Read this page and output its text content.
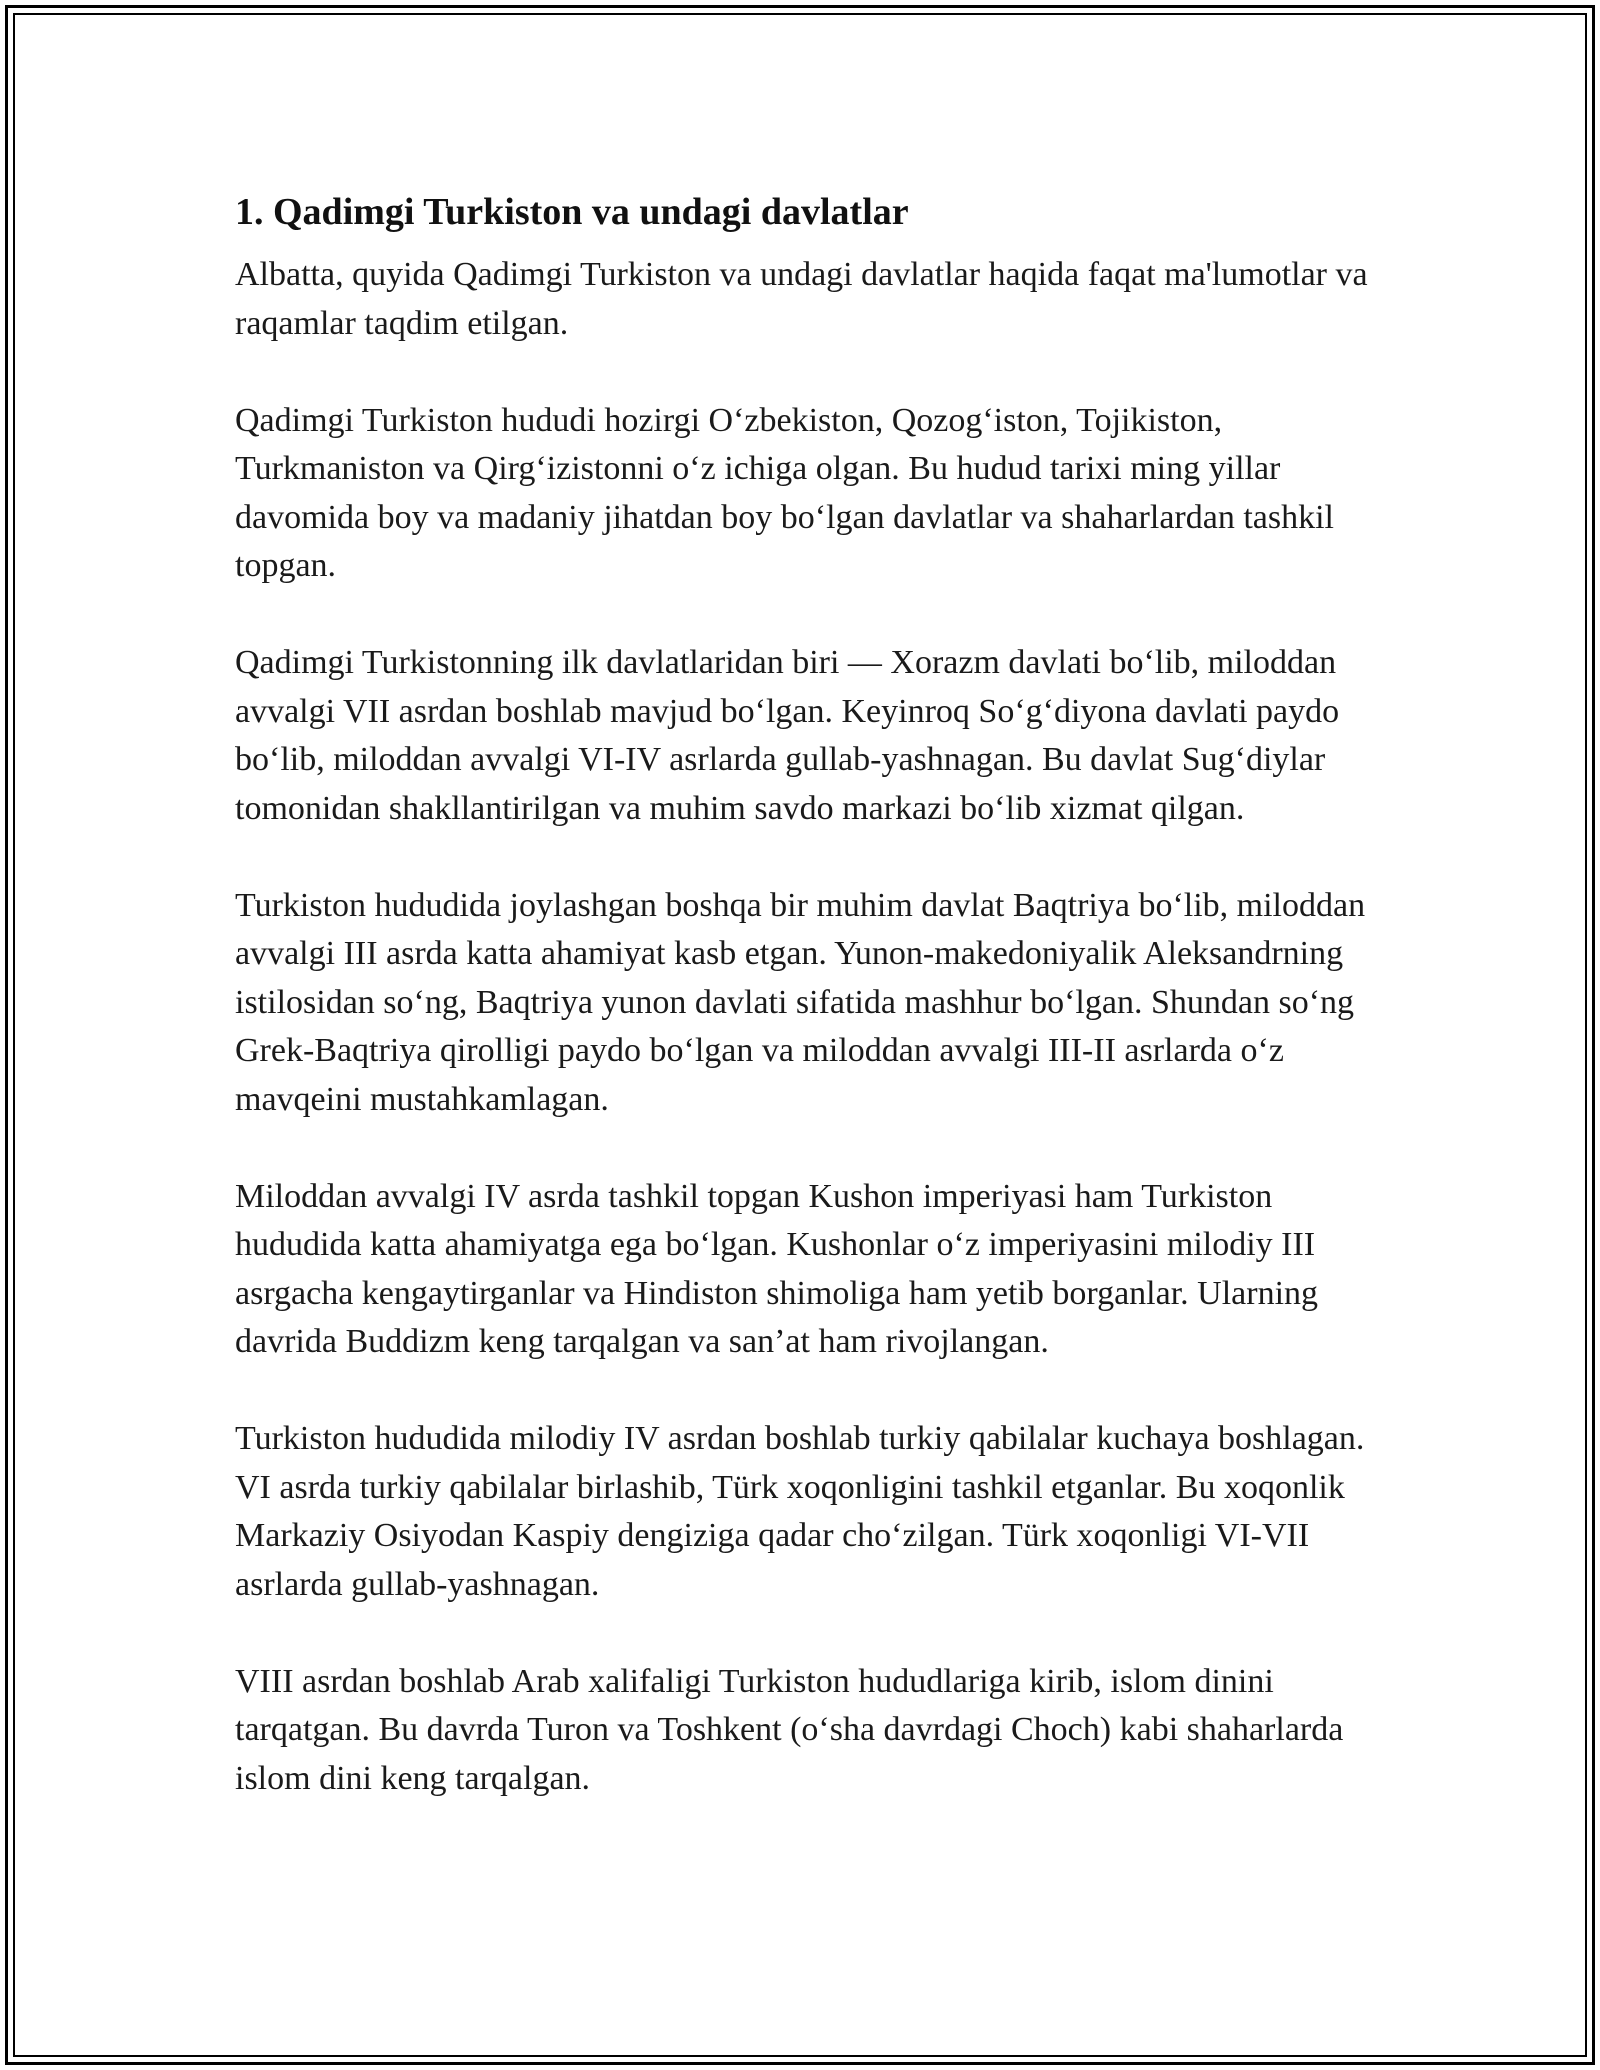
1. Qadimgi Turkiston va undagi davlatlar

Albatta, quyida Qadimgi Turkiston va undagi davlatlar haqida faqat ma'lumotlar va raqamlar taqdim etilgan.

Qadimgi Turkiston hududi hozirgi O‘zbekiston, Qozog‘iston, Tojikiston, Turkmaniston va Qirg‘izistonni o‘z ichiga olgan. Bu hudud tarixi ming yillar davomida boy va madaniy jihatdan boy bo‘lgan davlatlar va shaharlardan tashkil topgan.

Qadimgi Turkistonning ilk davlatlaridan biri — Xorazm davlati bo‘lib, miloddan avvalgi VII asrdan boshlab mavjud bo‘lgan. Keyinroq So‘g‘diyona davlati paydo bo‘lib, miloddan avvalgi VI-IV asrlarda gullab-yashnagan. Bu davlat Sug‘diylar tomonidan shakllantirilgan va muhim savdo markazi bo‘lib xizmat qilgan.

Turkiston hududida joylashgan boshqa bir muhim davlat Baqtriya bo‘lib, miloddan avvalgi III asrda katta ahamiyat kasb etgan. Yunon-makedoniyalik Aleksandrning istilosidan so‘ng, Baqtriya yunon davlati sifatida mashhur bo‘lgan. Shundan so‘ng Grek-Baqtriya qirolligi paydo bo‘lgan va miloddan avvalgi III-II asrlarda o‘z mavqeini mustahkamlagan.

Miloddan avvalgi IV asrda tashkil topgan Kushon imperiyasi ham Turkiston hududida katta ahamiyatga ega bo‘lgan. Kushonlar o‘z imperiyasini milodiy III asrgacha kengaytirganlar va Hindiston shimoliga ham yetib borganlar. Ularning davrida Buddizm keng tarqalgan va san’at ham rivojlangan.

Turkiston hududida milodiy IV asrdan boshlab turkiy qabilalar kuchaya boshlagan. VI asrda turkiy qabilalar birlashib, Türk xoqonligini tashkil etganlar. Bu xoqonlik Markaziy Osiyodan Kaspiy dengiziga qadar cho‘zilgan. Türk xoqonligi VI-VII asrlarda gullab-yashnagan.

VIII asrdan boshlab Arab xalifaligi Turkiston hududlariga kirib, islom dinini tarqatgan. Bu davrda Turon va Toshkent (o‘sha davrdagi Choch) kabi shaharlarda islom dini keng tarqalgan.
